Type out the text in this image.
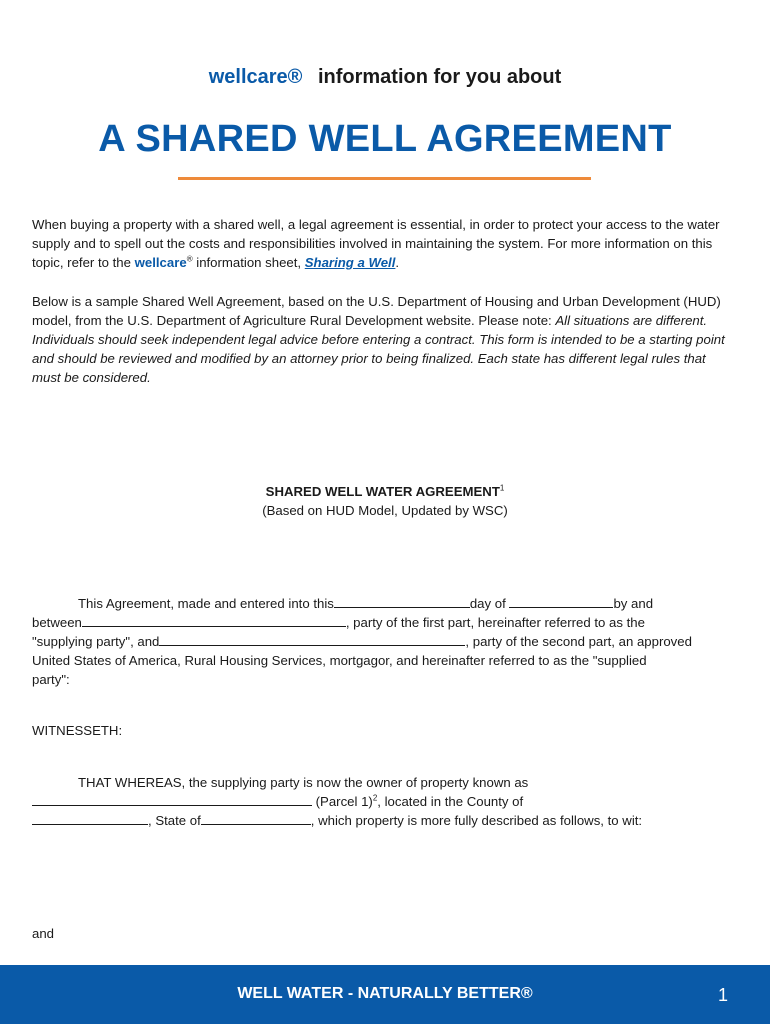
wellcare® information for you about
A SHARED WELL AGREEMENT
When buying a property with a shared well, a legal agreement is essential, in order to protect your access to the water supply and to spell out the costs and responsibilities involved in maintaining the system. For more information on this topic, refer to the wellcare® information sheet, Sharing a Well.
Below is a sample Shared Well Agreement, based on the U.S. Department of Housing and Urban Development (HUD) model, from the U.S. Department of Agriculture Rural Development website. Please note: All situations are different. Individuals should seek independent legal advice before entering a contract. This form is intended to be a starting point and should be reviewed and modified by an attorney prior to being finalized. Each state has different legal rules that must be considered.
SHARED WELL WATER AGREEMENT$^1$
(Based on HUD Model, Updated by WSC)
This Agreement, made and entered into this	day of	by and
between	, party of the first part, hereinafter referred to as the
"supplying party", and	, party of the second part, an approved
United States of America, Rural Housing Services, mortgagor, and hereinafter referred to as the "supplied
party":
WITNESSETH:
THAT WHEREAS, the supplying party is now the owner of property known as
(Parcel 1)$^2$, located in the County of
, State of	, which property is more fully described as follows, to wit:
and
WELL WATER - NATURALLY BETTER®	1
